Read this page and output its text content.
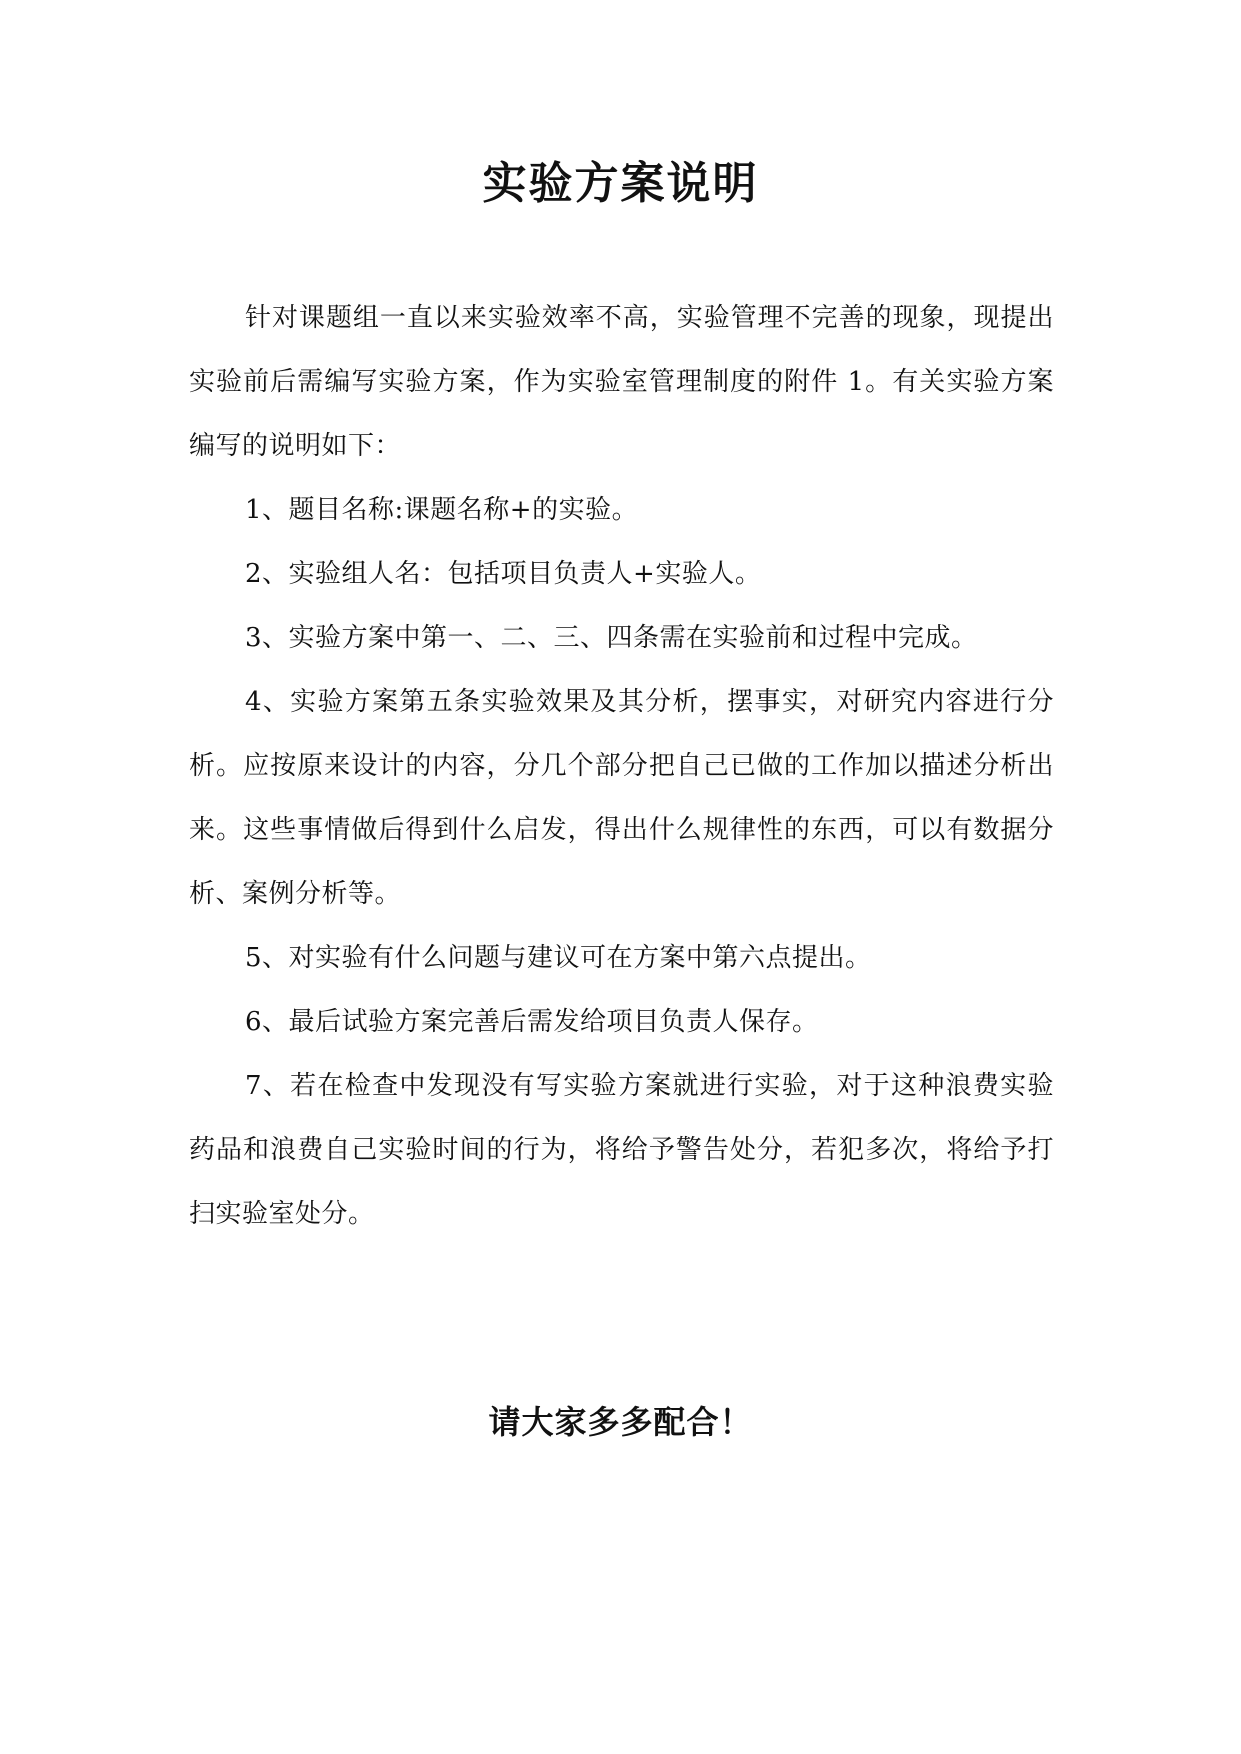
实验方案说明

针对课题组一直以来实验效率不高，实验管理不完善的现象，现提出实验前后需编写实验方案，作为实验室管理制度的附件 1。有关实验方案编写的说明如下：

1、题目名称:课题名称+的实验。

2、实验组人名：包括项目负责人+实验人。

3、实验方案中第一、二、三、四条需在实验前和过程中完成。

4、实验方案第五条实验效果及其分析，摆事实，对研究内容进行分析。应按原来设计的内容，分几个部分把自己已做的工作加以描述分析出来。这些事情做后得到什么启发，得出什么规律性的东西，可以有数据分析、案例分析等。

5、对实验有什么问题与建议可在方案中第六点提出。

6、最后试验方案完善后需发给项目负责人保存。

7、若在检查中发现没有写实验方案就进行实验，对于这种浪费实验药品和浪费自己实验时间的行为，将给予警告处分，若犯多次，将给予打扫实验室处分。

请大家多多配合！
